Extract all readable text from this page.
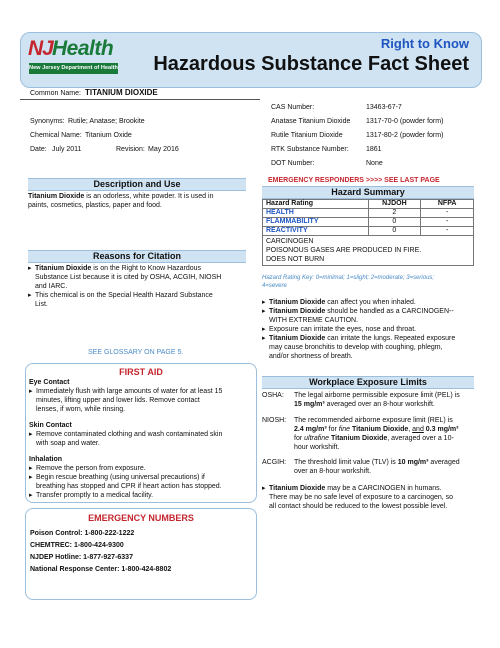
NJ Health
New Jersey Department of Health
Right to Know
Hazardous Substance Fact Sheet
Common Name: TITANIUM DIOXIDE
Synonyms: Rutile; Anatase; Brookite
Chemical Name: Titanium Oxide
Date: July 2011	Revision: May 2016
CAS Number:	13463-67-7
Anatase Titanium Dioxide 1317-70-0 (powder form)
Rutile Titanium Dioxide	1317-80-2 (powder form)
RTK Substance Number: 1861
DOT Number:	None
Description and Use
Titanium Dioxide is an odorless, white powder. It is used in
paints, cosmetics, plastics, paper and food.
Reasons for Citation
▸ Titanium Dioxide is on the Right to Know Hazardous
Substance List because it is cited by OSHA, ACGIH, NIOSH
and IARC.
▸ This chemical is on the Special Health Hazard Substance
List.
SEE GLOSSARY ON PAGE 5.
FIRST AID
Eye Contact
▸ Immediately flush with large amounts of water for at least 15
minutes, lifting upper and lower lids. Remove contact
lenses, if worn, while rinsing.
Skin Contact
▸ Remove contaminated clothing and wash contaminated skin
with soap and water.
Inhalation
▸ Remove the person from exposure.
▸ Begin rescue breathing (using universal precautions) if
breathing has stopped and CPR if heart action has stopped.
▸ Transfer promptly to a medical facility.
EMERGENCY NUMBERS
Poison Control: 1-800-222-1222
CHEMTREC: 1-800-424-9300
NJDEP Hotline: 1-877-927-6337
National Response Center: 1-800-424-8802
EMERGENCY RESPONDERS >>>> SEE LAST PAGE
Hazard Summary
Hazard Rating	NJDOH	NFPA
HEALTH	2	-
FLAMMABILITY	0	-
REACTIVITY	0	-

CARCINOGEN
POISONOUS GASES ARE PRODUCED IN FIRE.
DOES NOT BURN		
Hazard Rating Key: 0=minimal; 1=slight; 2=moderate; 3=serious;
4=severe
▸ Titanium Dioxide can affect you when inhaled.
▸ Titanium Dioxide should be handled as a CARCINOGEN--
WITH EXTREME CAUTION.
▸ Exposure can irritate the eyes, nose and throat.
▸ Titanium Dioxide can irritate the lungs. Repeated exposure
may cause bronchitis to develop with coughing, phlegm,
and/or shortness of breath.
Workplace Exposure Limits
OSHA: The legal airborne permissible exposure limit (PEL) is
15 mg/m³ averaged over an 8-hour workshift.
NIOSH: The recommended airborne exposure limit (REL) is
2.4 mg/m³ for fine Titanium Dioxide, and 0.3 mg/m³
for ultrafine Titanium Dioxide, averaged over a 10-
hour workshift.
ACGIH: The threshold limit value (TLV) is 10 mg/m³ averaged
over an 8-hour workshift.
▸ Titanium Dioxide may be a CARCINOGEN in humans.
There may be no safe level of exposure to a carcinogen, so
all contact should be reduced to the lowest possible level.
